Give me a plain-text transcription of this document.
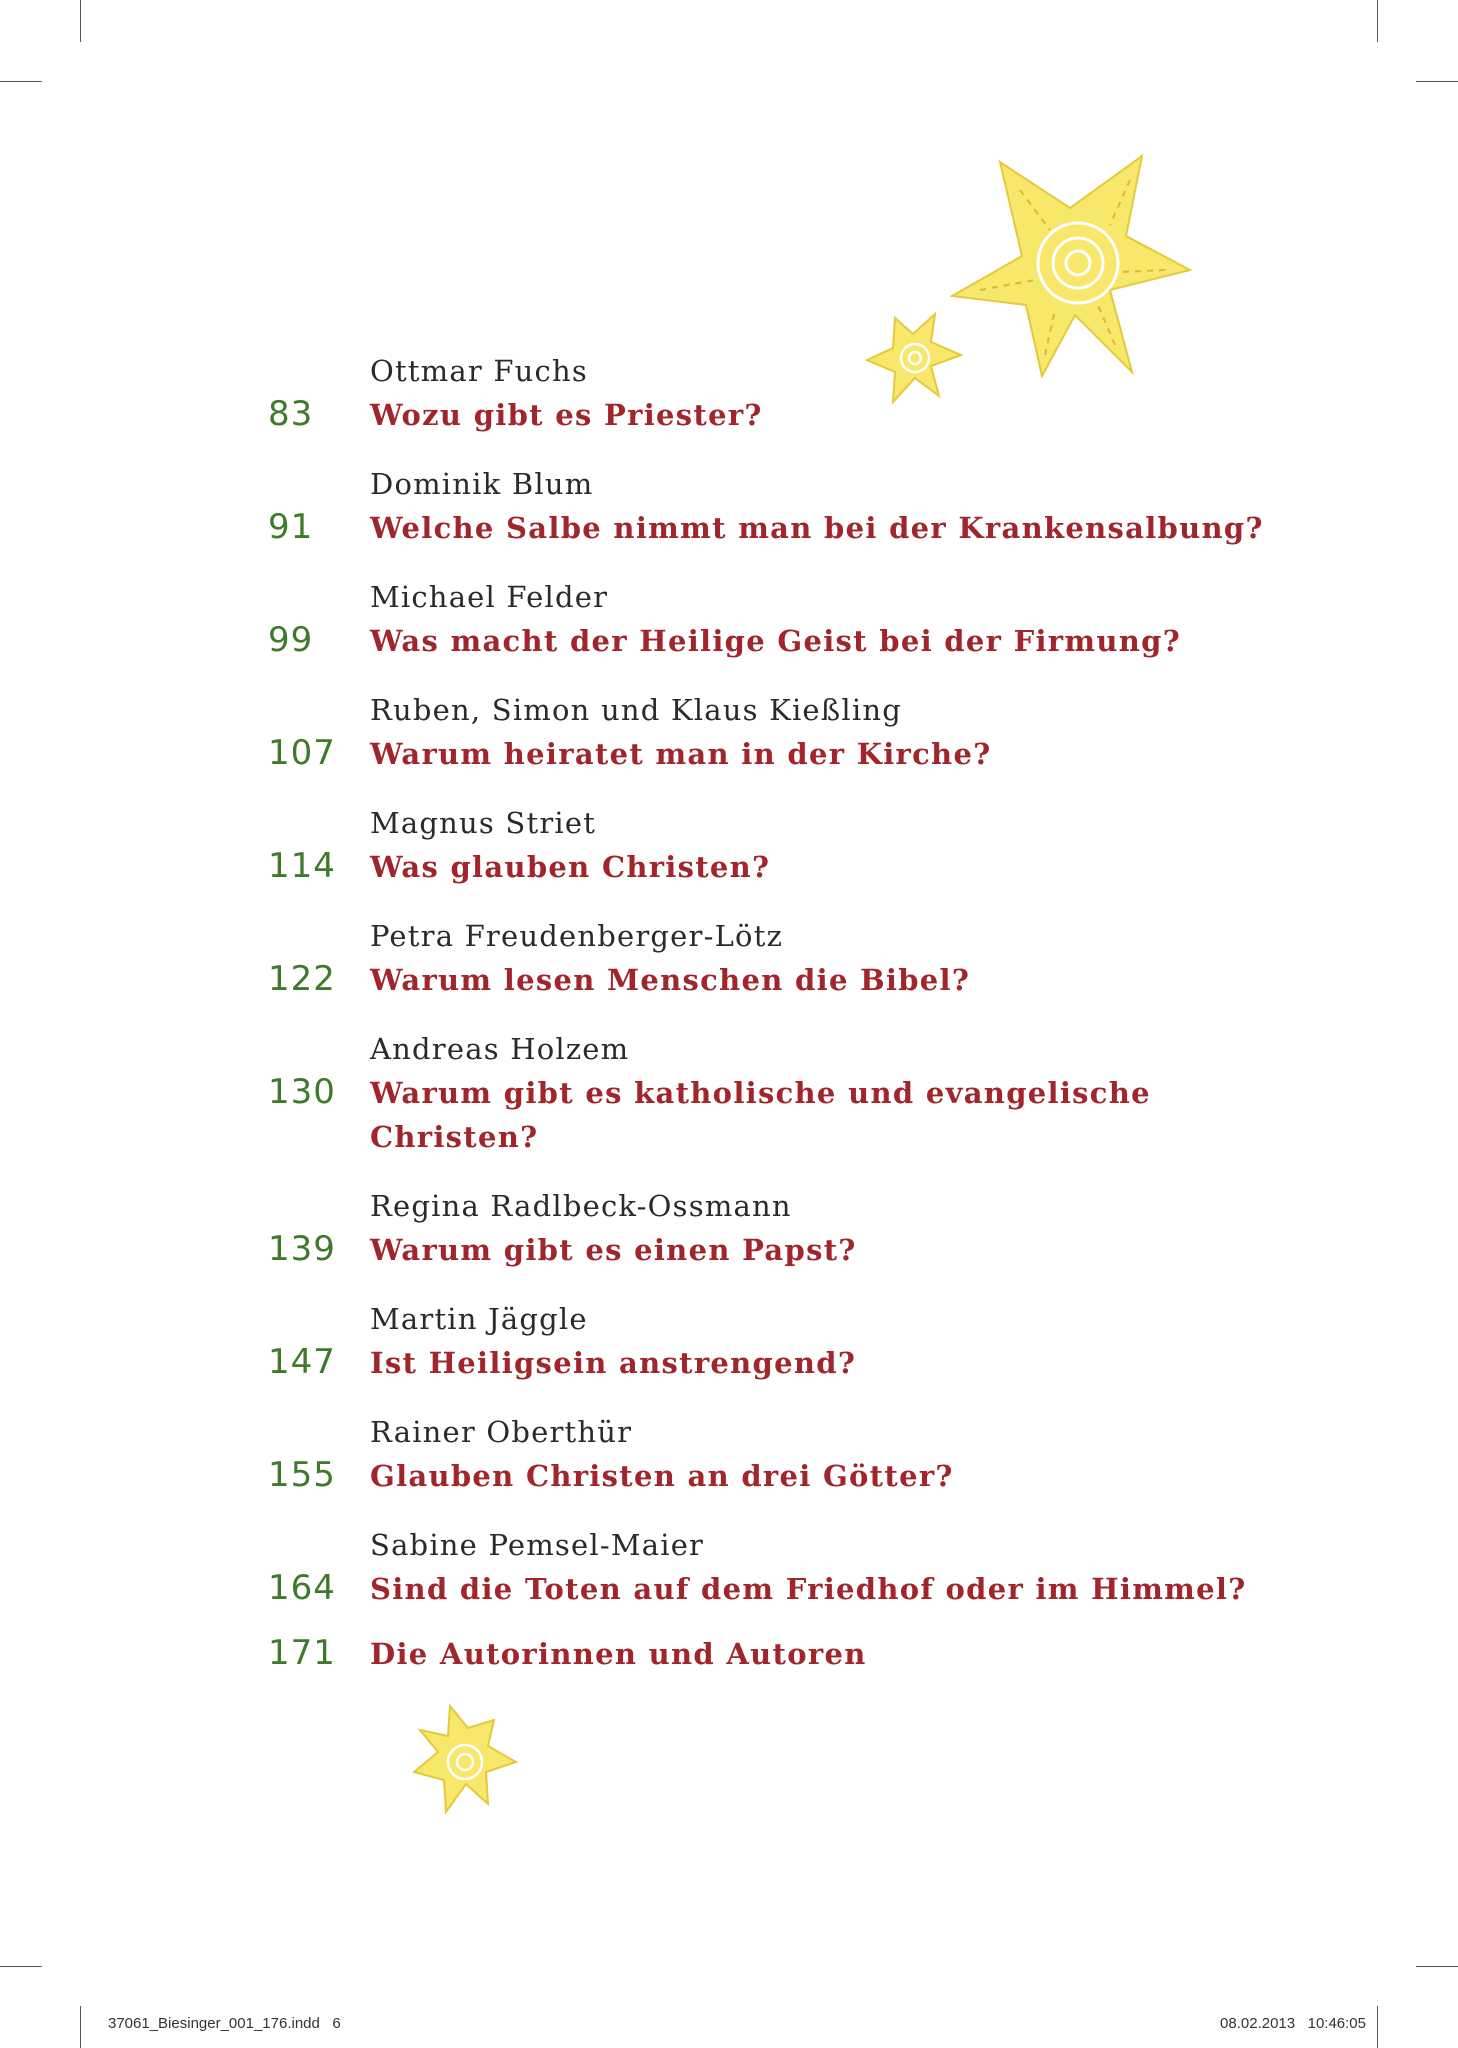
Ottmar Fuchs
83	Wozu gibt es Priester?
Dominik Blum
91	Welche Salbe nimmt man bei der Krankensalbung?
Michael Felder
99	Was macht der Heilige Geist bei der Firmung?
Ruben, Simon und Klaus Kießling
107	Warum heiratet man in der Kirche?
Magnus Striet
114	Was glauben Christen?
Petra Freudenberger-Lötz
122	Warum lesen Menschen die Bibel?
Andreas Holzem
130	Warum gibt es katholische und evangelische Christen?
Regina Radlbeck-Ossmann
139	Warum gibt es einen Papst?
Martin Jäggle
147	Ist Heiligsein anstrengend?
Rainer Oberthür
155	Glauben Christen an drei Götter?
Sabine Pemsel-Maier
164	Sind die Toten auf dem Friedhof oder im Himmel?
171	Die Autorinnen und Autoren
37061_Biesinger_001_176.indd   6	08.02.2013   10:46:05
